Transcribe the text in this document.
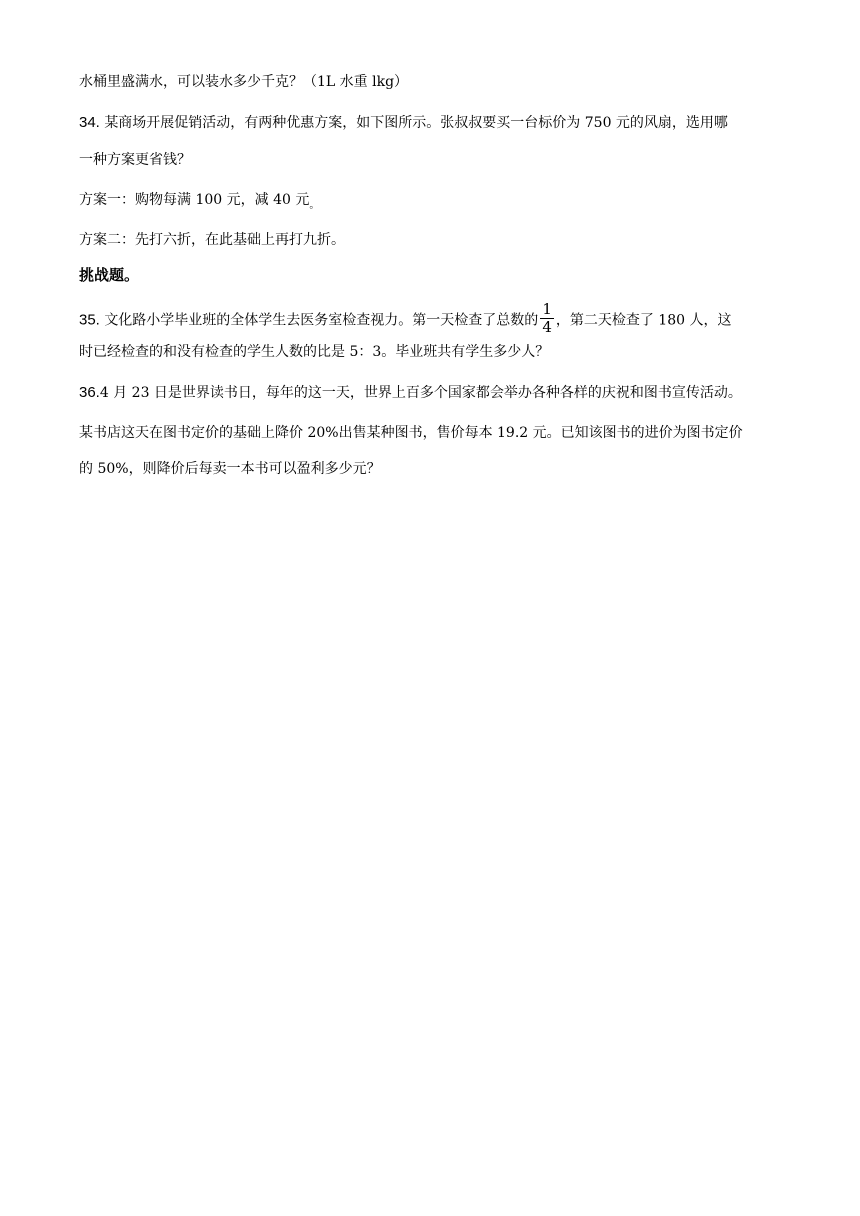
水桶里盛满水，可以装水多少千克？（1L 水重 lkg）
34. 某商场开展促销活动，有两种优惠方案，如下图所示。张叔叔要买一台标价为 750 元的风扇，选用哪
一种方案更省钱？
方案一：购物每满 100 元，减 40 元$_。$
方案二：先打六折，在此基础上再打九折。
挑战题。
35. 文化路小学毕业班的全体学生去医务室检查视力。第一天检查了总数的 $\frac{1}{4}$ ，第二天检查了 180 人，这
时已经检查的和没有检查的学生人数的比是 5：3。毕业班共有学生多少人？
36.4 月 23 日是世界读书日，每年的这一天，世界上百多个国家都会举办各种各样的庆祝和图书宣传活动。
某书店这天在图书定价的基础上降价 20%出售某种图书，售价每本 19.2 元。已知该图书的进价为图书定价
的 50%，则降价后每卖一本书可以盈利多少元？
